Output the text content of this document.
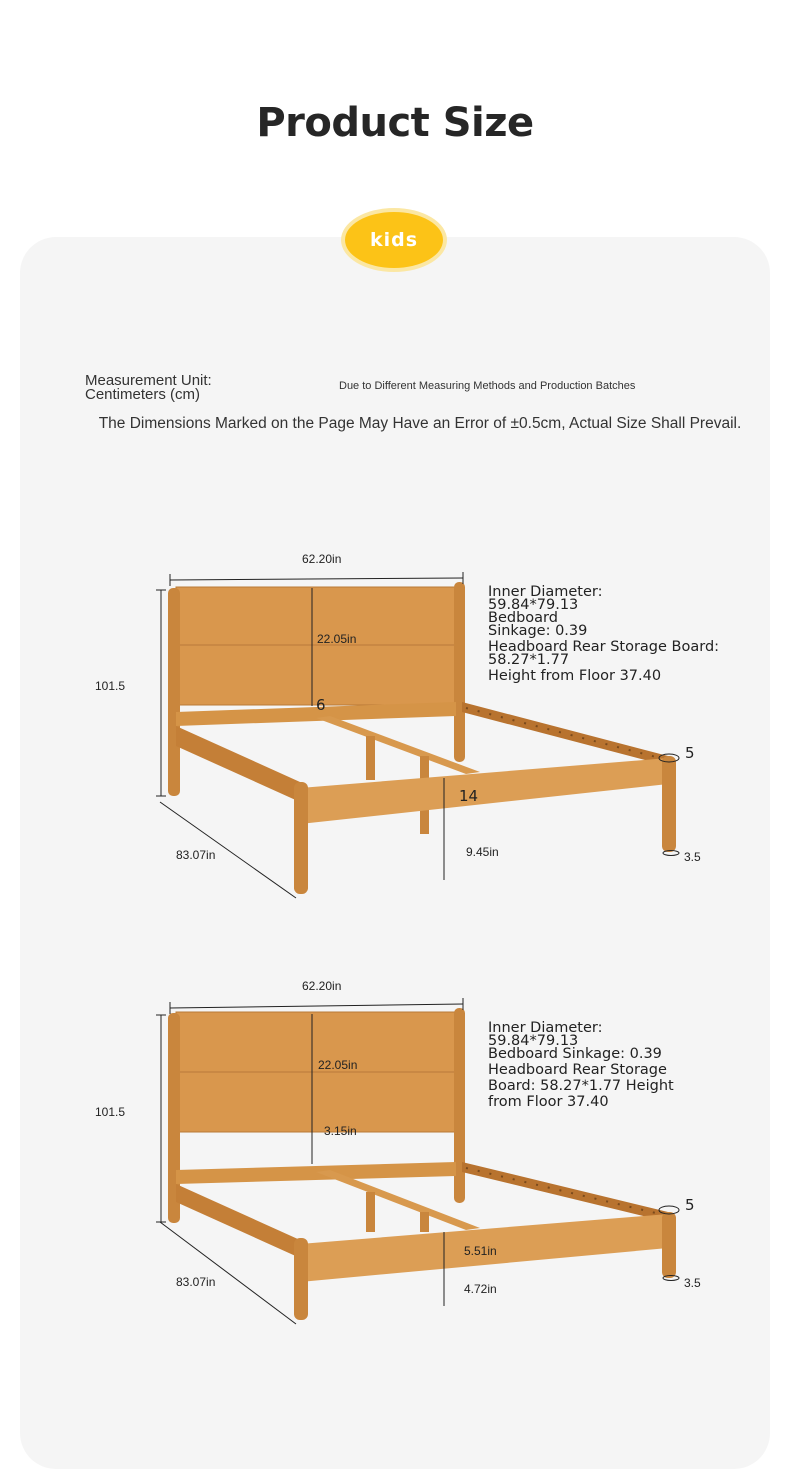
Product Size
kids
Measurement Unit:
Centimeters (cm)	Due to Different Measuring Methods and Production Batches
The Dimensions Marked on the Page May Have an Error of ±0.5cm, Actual Size Shall Prevail.
62.20in
101.5
22.05in
6
83.07in
14
9.45in
5
3.5
Inner Diameter:
59.84*79.13
Bedboard
Sinkage: 0.39
Headboard Rear Storage Board: 58.27*1.77
Height from Floor 37.40
62.20in
101.5
22.05in
3.15in
83.07in
5.51in
4.72in
5
3.5
Inner Diameter: 59.84*79.13
Bedboard Sinkage: 0.39
Headboard Rear Storage
Board: 58.27*1.77 Height
from Floor 37.40
